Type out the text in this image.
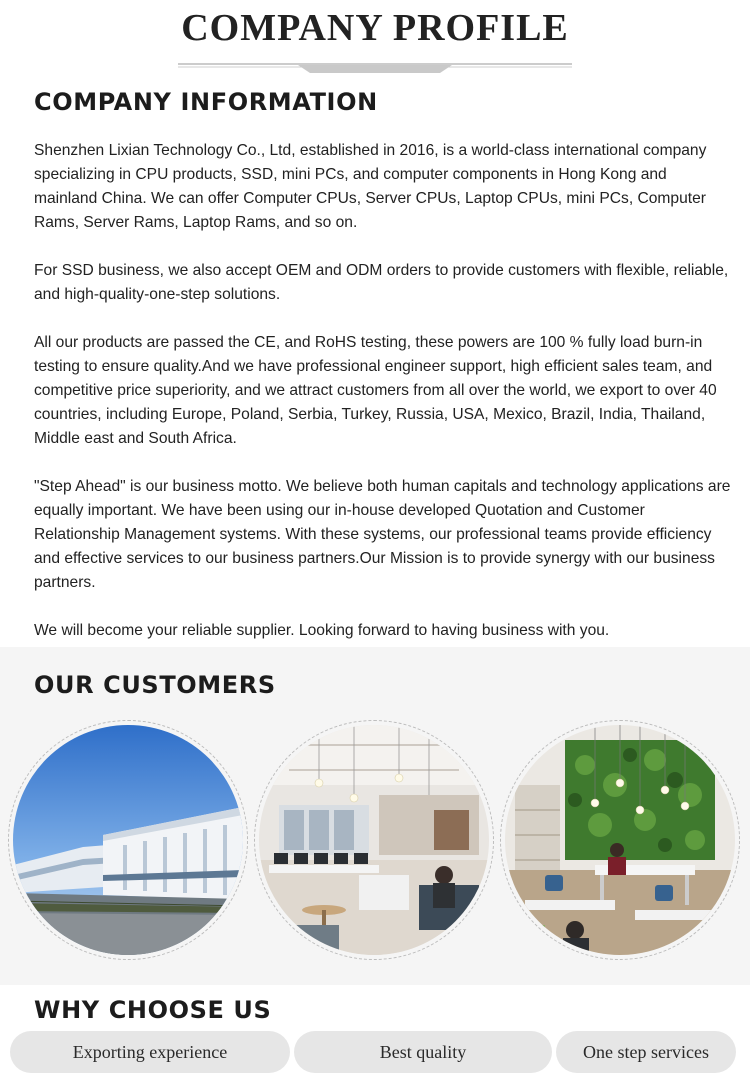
COMPANY PROFILE
COMPANY INFORMATION

Shenzhen Lixian Technology Co., Ltd, established in 2016, is a world-class international company specializing in CPU products, SSD, mini PCs, and computer components in Hong Kong and mainland China. We can offer Computer CPUs, Server CPUs, Laptop CPUs, mini PCs, Computer Rams, Server Rams, Laptop Rams, and so on.

For SSD business, we also accept OEM and ODM orders to provide customers with flexible, reliable, and high-quality-one-step solutions.

All our products are passed the CE, and RoHS testing, these powers are 100 % fully load burn-in testing to ensure quality.And we have professional engineer support, high efficient sales team, and competitive price superiority, and we attract customers from all over the world, we export to over 40 countries, including Europe, Poland, Serbia, Turkey, Russia, USA, Mexico, Brazil, India, Thailand, Middle east and South Africa.

"Step Ahead" is our business motto. We believe both human capitals and technology applications are equally important. We have been using our in-house developed Quotation and Customer Relationship Management systems. With these systems, our professional teams provide efficiency and effective services to our business partners.Our Mission is to provide synergy with our business partners.

We will become your reliable supplier. Looking forward to having business with you.

OUR CUSTOMERS
WHY CHOOSE US
Exporting experience	Best quality	One step services
